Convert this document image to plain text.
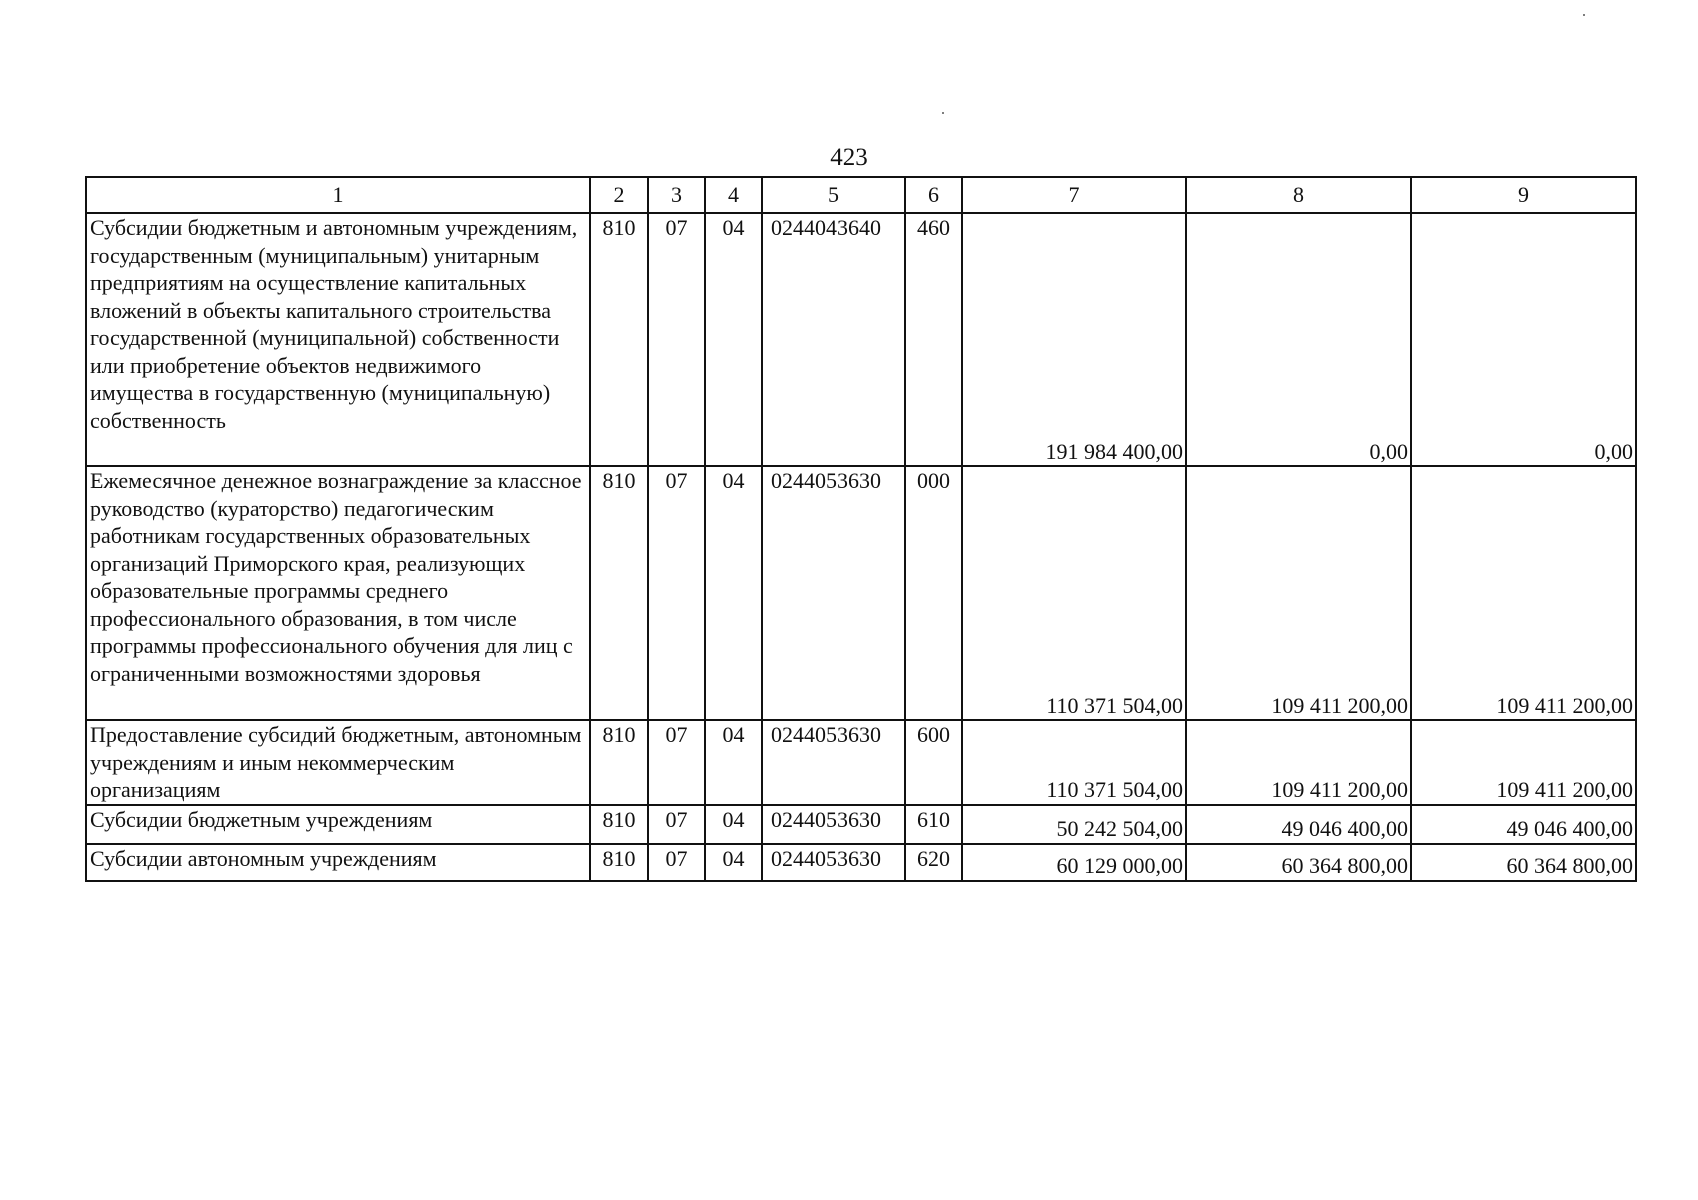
423
1	2	3	4	5	6	7	8	9
Субсидии бюджетным и автономным учреждениям, государственным (муниципальным) унитарным предприятиям на осуществление капитальных вложений в объекты капитального строительства государственной (муниципальной) собственности или приобретение объектов недвижимого имущества в государственную (муниципальную) собственность	810	07	04	0244043640	460	191 984 400,00	0,00	0,00
Ежемесячное денежное вознаграждение за классное руководство (кураторство) педагогическим работникам государственных образовательных организаций Приморского края, реализующих образовательные программы среднего профессионального образования, в том числе программы профессионального обучения для лиц с ограниченными возможностями здоровья	810	07	04	0244053630	000	110 371 504,00	109 411 200,00	109 411 200,00
Предоставление субсидий бюджетным, автономным учреждениям и иным некоммерческим организациям	810	07	04	0244053630	600	110 371 504,00	109 411 200,00	109 411 200,00
Субсидии бюджетным учреждениям	810	07	04	0244053630	610	50 242 504,00	49 046 400,00	49 046 400,00
Субсидии автономным учреждениям	810	07	04	0244053630	620	60 129 000,00	60 364 800,00	60 364 800,00
